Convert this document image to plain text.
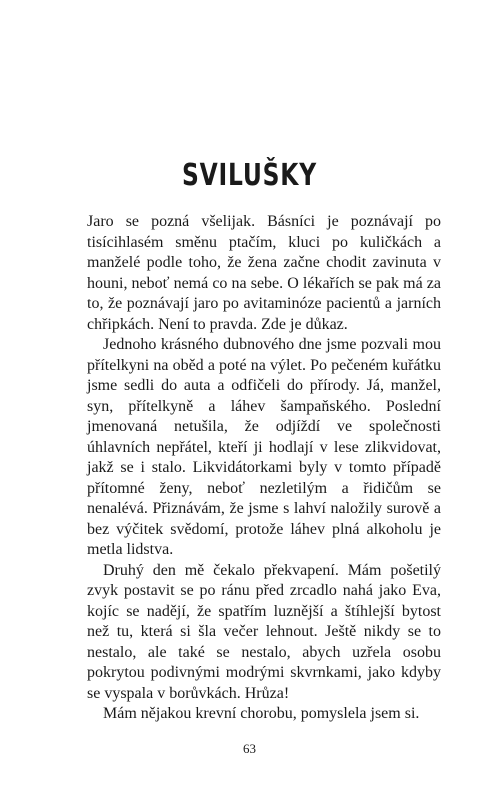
SVILUŠKY

Jaro se pozná všelijak. Básníci je poznávají po tisícihlasém směnu ptačím, kluci po kuličkách a manželé podle toho, že žena začne chodit zavinuta v houni, neboť nemá co na sebe. O lékařích se pak má za to, že poznávají jaro po avitaminóze pacientů a jarních chřipkách. Není to pravda. Zde je důkaz.

Jednoho krásného dubnového dne jsme pozvali mou přítelkyni na oběd a poté na výlet. Po pečeném kuřátku jsme sedli do auta a odfičeli do přírody. Já, manžel, syn, přítelkyně a láhev šampaňského. Poslední jmenovaná netušila, že odjíždí ve společnosti úhlavních nepřátel, kteří ji hodlají v lese zlikvidovat, jakž se i stalo. Likvidátorkami byly v tomto případě přítomné ženy, neboť nezletilým a řidičům se nenalévá. Přiznávám, že jsme s lahví naložily surově a bez výčitek svědomí, protože láhev plná alkoholu je metla lidstva.

Druhý den mě čekalo překvapení. Mám pošetilý zvyk postavit se po ránu před zrcadlo nahá jako Eva, kojíc se nadějí, že spatřím luznější a štíhlejší bytost než tu, která si šla večer lehnout. Ještě nikdy se to nestalo, ale také se nestalo, abych uzřela osobu pokrytou podivnými modrými skvrnkami, jako kdyby se vyspala v borůvkách. Hrůza!

Mám nějakou krevní chorobu, pomyslela jsem si.

63
